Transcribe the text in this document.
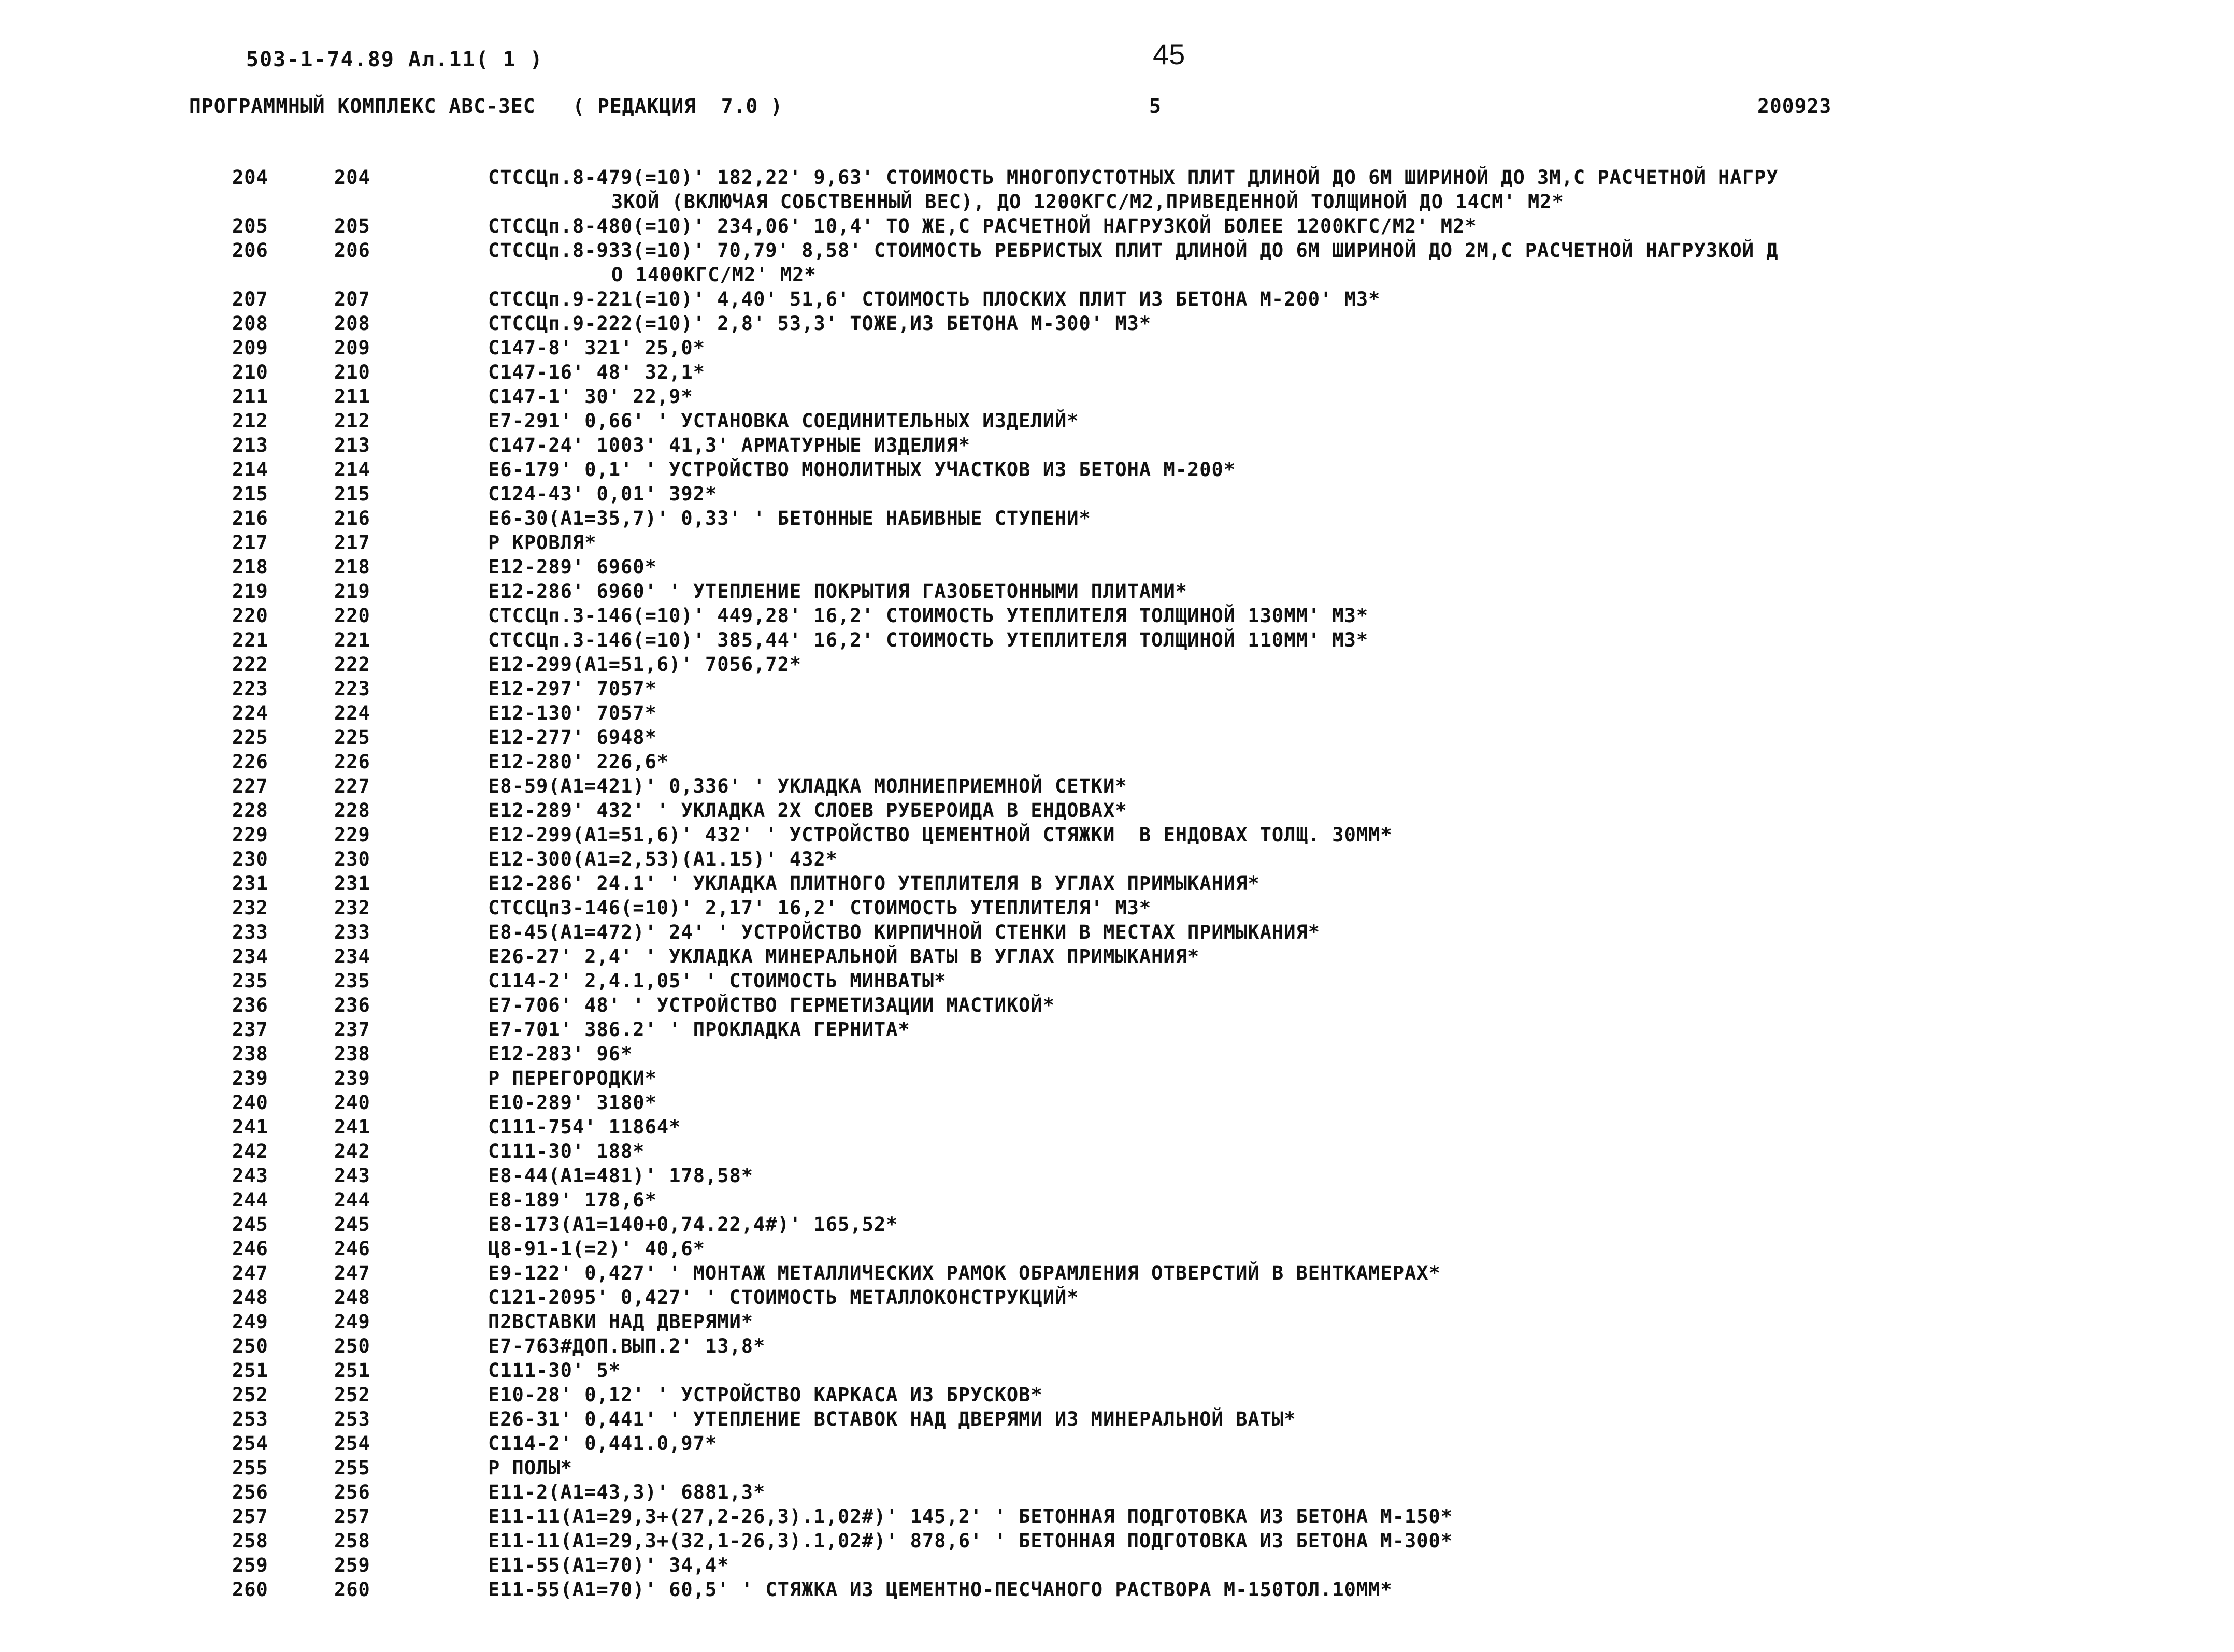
503-1-74.89 Ал.11( 1 )	45
ПРОГРАММНЫЙ КОМПЛЕКС АВС-3ЕС   ( РЕДАКЦИЯ  7.0 )	5	200923
204	204	СТССЦп.8-479(=10)' 182,22' 9,63' СТОИМОСТЬ МНОГОПУСТОТНЫХ ПЛИТ ДЛИНОЙ ДО 6М ШИРИНОЙ ДО 3М,С РАСЧЕТНОЙ НАГРУ
ЗКОЙ (ВКЛЮЧАЯ СОБСТВЕННЫЙ ВЕС), ДО 1200КГС/М2,ПРИВЕДЕННОЙ ТОЛЩИНОЙ ДО 14СМ' М2*
205	205	СТССЦп.8-480(=10)' 234,06' 10,4' ТО ЖЕ,С РАСЧЕТНОЙ НАГРУЗКОЙ БОЛЕЕ 1200КГС/М2' М2*
206	206	СТССЦп.8-933(=10)' 70,79' 8,58' СТОИМОСТЬ РЕБРИСТЫХ ПЛИТ ДЛИНОЙ ДО 6М ШИРИНОЙ ДО 2М,С РАСЧЕТНОЙ НАГРУЗКОЙ Д
О 1400КГС/М2' М2*
207	207	СТССЦп.9-221(=10)' 4,40' 51,6' СТОИМОСТЬ ПЛОСКИХ ПЛИТ ИЗ БЕТОНА М-200' М3*
208	208	СТССЦп.9-222(=10)' 2,8' 53,3' ТОЖЕ,ИЗ БЕТОНА М-300' М3*
209	209	С147-8' 321' 25,0*
210	210	С147-16' 48' 32,1*
211	211	С147-1' 30' 22,9*
212	212	Е7-291' 0,66' ' УСТАНОВКА СОЕДИНИТЕЛЬНЫХ ИЗДЕЛИЙ*
213	213	С147-24' 1003' 41,3' АРМАТУРНЫЕ ИЗДЕЛИЯ*
214	214	Е6-179' 0,1' ' УСТРОЙСТВО МОНОЛИТНЫХ УЧАСТКОВ ИЗ БЕТОНА М-200*
215	215	С124-43' 0,01' 392*
216	216	Е6-30(А1=35,7)' 0,33' ' БЕТОННЫЕ НАБИВНЫЕ СТУПЕНИ*
217	217	Р КРОВЛЯ*
218	218	Е12-289' 6960*
219	219	Е12-286' 6960' ' УТЕПЛЕНИЕ ПОКРЫТИЯ ГАЗОБЕТОННЫМИ ПЛИТАМИ*
220	220	СТССЦп.3-146(=10)' 449,28' 16,2' СТОИМОСТЬ УТЕПЛИТЕЛЯ ТОЛЩИНОЙ 130ММ' М3*
221	221	СТССЦп.3-146(=10)' 385,44' 16,2' СТОИМОСТЬ УТЕПЛИТЕЛЯ ТОЛЩИНОЙ 110ММ' М3*
222	222	Е12-299(А1=51,6)' 7056,72*
223	223	Е12-297' 7057*
224	224	Е12-130' 7057*
225	225	Е12-277' 6948*
226	226	Е12-280' 226,6*
227	227	Е8-59(А1=421)' 0,336' ' УКЛАДКА МОЛНИЕПРИЕМНОЙ СЕТКИ*
228	228	Е12-289' 432' ' УКЛАДКА 2Х СЛОЕВ РУБЕРОИДА В ЕНДОВАХ*
229	229	Е12-299(А1=51,6)' 432' ' УСТРОЙСТВО ЦЕМЕНТНОЙ СТЯЖКИ  В ЕНДОВАХ ТОЛЩ. 30ММ*
230	230	Е12-300(А1=2,53)(А1.15)' 432*
231	231	Е12-286' 24.1' ' УКЛАДКА ПЛИТНОГО УТЕПЛИТЕЛЯ В УГЛАХ ПРИМЫКАНИЯ*
232	232	СТССЦп3-146(=10)' 2,17' 16,2' СТОИМОСТЬ УТЕПЛИТЕЛЯ' М3*
233	233	Е8-45(А1=472)' 24' ' УСТРОЙСТВО КИРПИЧНОЙ СТЕНКИ В МЕСТАХ ПРИМЫКАНИЯ*
234	234	Е26-27' 2,4' ' УКЛАДКА МИНЕРАЛЬНОЙ ВАТЫ В УГЛАХ ПРИМЫКАНИЯ*
235	235	С114-2' 2,4.1,05' ' СТОИМОСТЬ МИНВАТЫ*
236	236	Е7-706' 48' ' УСТРОЙСТВО ГЕРМЕТИЗАЦИИ МАСТИКОЙ*
237	237	Е7-701' 386.2' ' ПРОКЛАДКА ГЕРНИТА*
238	238	Е12-283' 96*
239	239	Р ПЕРЕГОРОДКИ*
240	240	Е10-289' 3180*
241	241	С111-754' 11864*
242	242	С111-30' 188*
243	243	Е8-44(А1=481)' 178,58*
244	244	Е8-189' 178,6*
245	245	Е8-173(А1=140+0,74.22,4#)' 165,52*
246	246	Ц8-91-1(=2)' 40,6*
247	247	Е9-122' 0,427' ' МОНТАЖ МЕТАЛЛИЧЕСКИХ РАМОК ОБРАМЛЕНИЯ ОТВЕРСТИЙ В ВЕНТКАМЕРАХ*
248	248	С121-2095' 0,427' ' СТОИМОСТЬ МЕТАЛЛОКОНСТРУКЦИЙ*
249	249	П2ВСТАВКИ НАД ДВЕРЯМИ*
250	250	Е7-763#ДОП.ВЫП.2' 13,8*
251	251	С111-30' 5*
252	252	Е10-28' 0,12' ' УСТРОЙСТВО КАРКАСА ИЗ БРУСКОВ*
253	253	Е26-31' 0,441' ' УТЕПЛЕНИЕ ВСТАВОК НАД ДВЕРЯМИ ИЗ МИНЕРАЛЬНОЙ ВАТЫ*
254	254	С114-2' 0,441.0,97*
255	255	Р ПОЛЫ*
256	256	Е11-2(А1=43,3)' 6881,3*
257	257	Е11-11(А1=29,3+(27,2-26,3).1,02#)' 145,2' ' БЕТОННАЯ ПОДГОТОВКА ИЗ БЕТОНА М-150*
258	258	Е11-11(А1=29,3+(32,1-26,3).1,02#)' 878,6' ' БЕТОННАЯ ПОДГОТОВКА ИЗ БЕТОНА М-300*
259	259	Е11-55(А1=70)' 34,4*
260	260	Е11-55(А1=70)' 60,5' ' СТЯЖКА ИЗ ЦЕМЕНТНО-ПЕСЧАНОГО РАСТВОРА М-150ТОЛ.10ММ*
